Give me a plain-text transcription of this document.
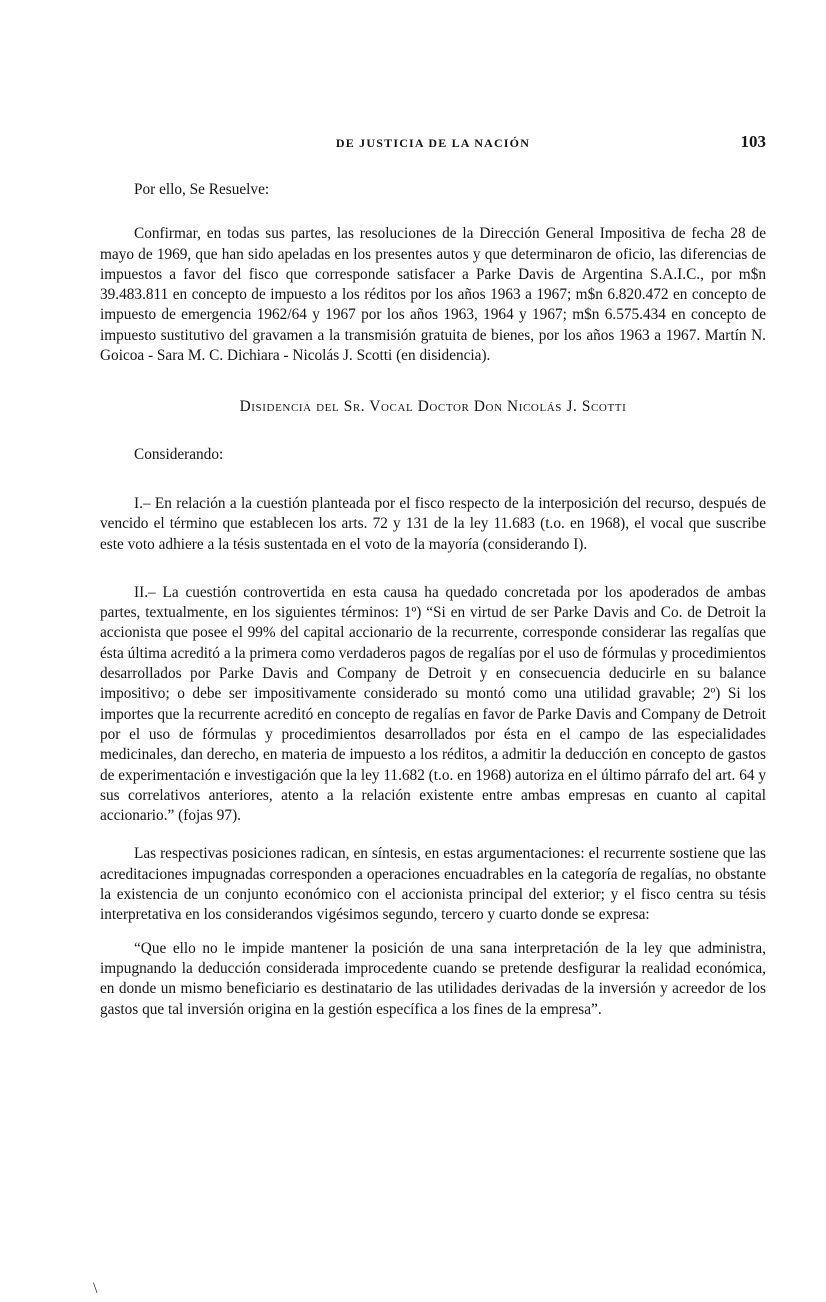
DE JUSTICIA DE LA NACIÓN	103

Por ello, Se Resuelve:

Confirmar, en todas sus partes, las resoluciones de la Dirección General Impositiva de fecha 28 de mayo de 1969, que han sido apeladas en los presentes autos y que determinaron de oficio, las diferencias de impuestos a favor del fisco que corresponde satisfacer a Parke Davis de Argentina S.A.I.C., por m$n 39.483.811 en concepto de impuesto a los réditos por los años 1963 a 1967; m$n 6.820.472 en concepto de impuesto de emergencia 1962/64 y 1967 por los años 1963, 1964 y 1967; m$n 6.575.434 en concepto de impuesto sustitutivo del gravamen a la transmisión gratuita de bienes, por los años 1963 a 1967. Martín N. Goicoa - Sara M. C. Dichiara - Nicolás J. Scotti (en disidencia).

Disidencia del Sr. Vocal Doctor Don Nicolás J. Scotti

Considerando:

I.– En relación a la cuestión planteada por el fisco respecto de la interposición del recurso, después de vencido el término que establecen los arts. 72 y 131 de la ley 11.683 (t.o. en 1968), el vocal que suscribe este voto adhiere a la tésis sustentada en el voto de la mayoría (considerando I).

II.– La cuestión controvertida en esta causa ha quedado concretada por los apoderados de ambas partes, textualmente, en los siguientes términos: 1º) “Si en virtud de ser Parke Davis and Co. de Detroit la accionista que posee el 99% del capital accionario de la recurrente, corresponde considerar las regalías que ésta última acreditó a la primera como verdaderos pagos de regalías por el uso de fórmulas y procedimientos desarrollados por Parke Davis and Company de Detroit y en consecuencia deducirle en su balance impositivo; o debe ser impositivamente considerado su montó como una utilidad gravable; 2º) Si los importes que la recurrente acreditó en concepto de regalías en favor de Parke Davis and Company de Detroit por el uso de fórmulas y procedimientos desarrollados por ésta en el campo de las especialidades medicinales, dan derecho, en materia de impuesto a los réditos, a admitir la deducción en concepto de gastos de experimentación e investigación que la ley 11.682 (t.o. en 1968) autoriza en el último párrafo del art. 64 y sus correlativos anteriores, atento a la relación existente entre ambas empresas en cuanto al capital accionario.” (fojas 97).

Las respectivas posiciones radican, en síntesis, en estas argumentaciones: el recurrente sostiene que las acreditaciones impugnadas corresponden a operaciones encuadrables en la categoría de regalías, no obstante la existencia de un conjunto económico con el accionista principal del exterior; y el fisco centra su tésis interpretativa en los considerandos vigésimos segundo, tercero y cuarto donde se expresa:

“Que ello no le impide mantener la posición de una sana interpretación de la ley que administra, impugnando la deducción considerada improcedente cuando se pretende desfigurar la realidad económica, en donde un mismo beneficiario es destinatario de las utilidades derivadas de la inversión y acreedor de los gastos que tal inversión origina en la gestión específica a los fines de la empresa”.

\
